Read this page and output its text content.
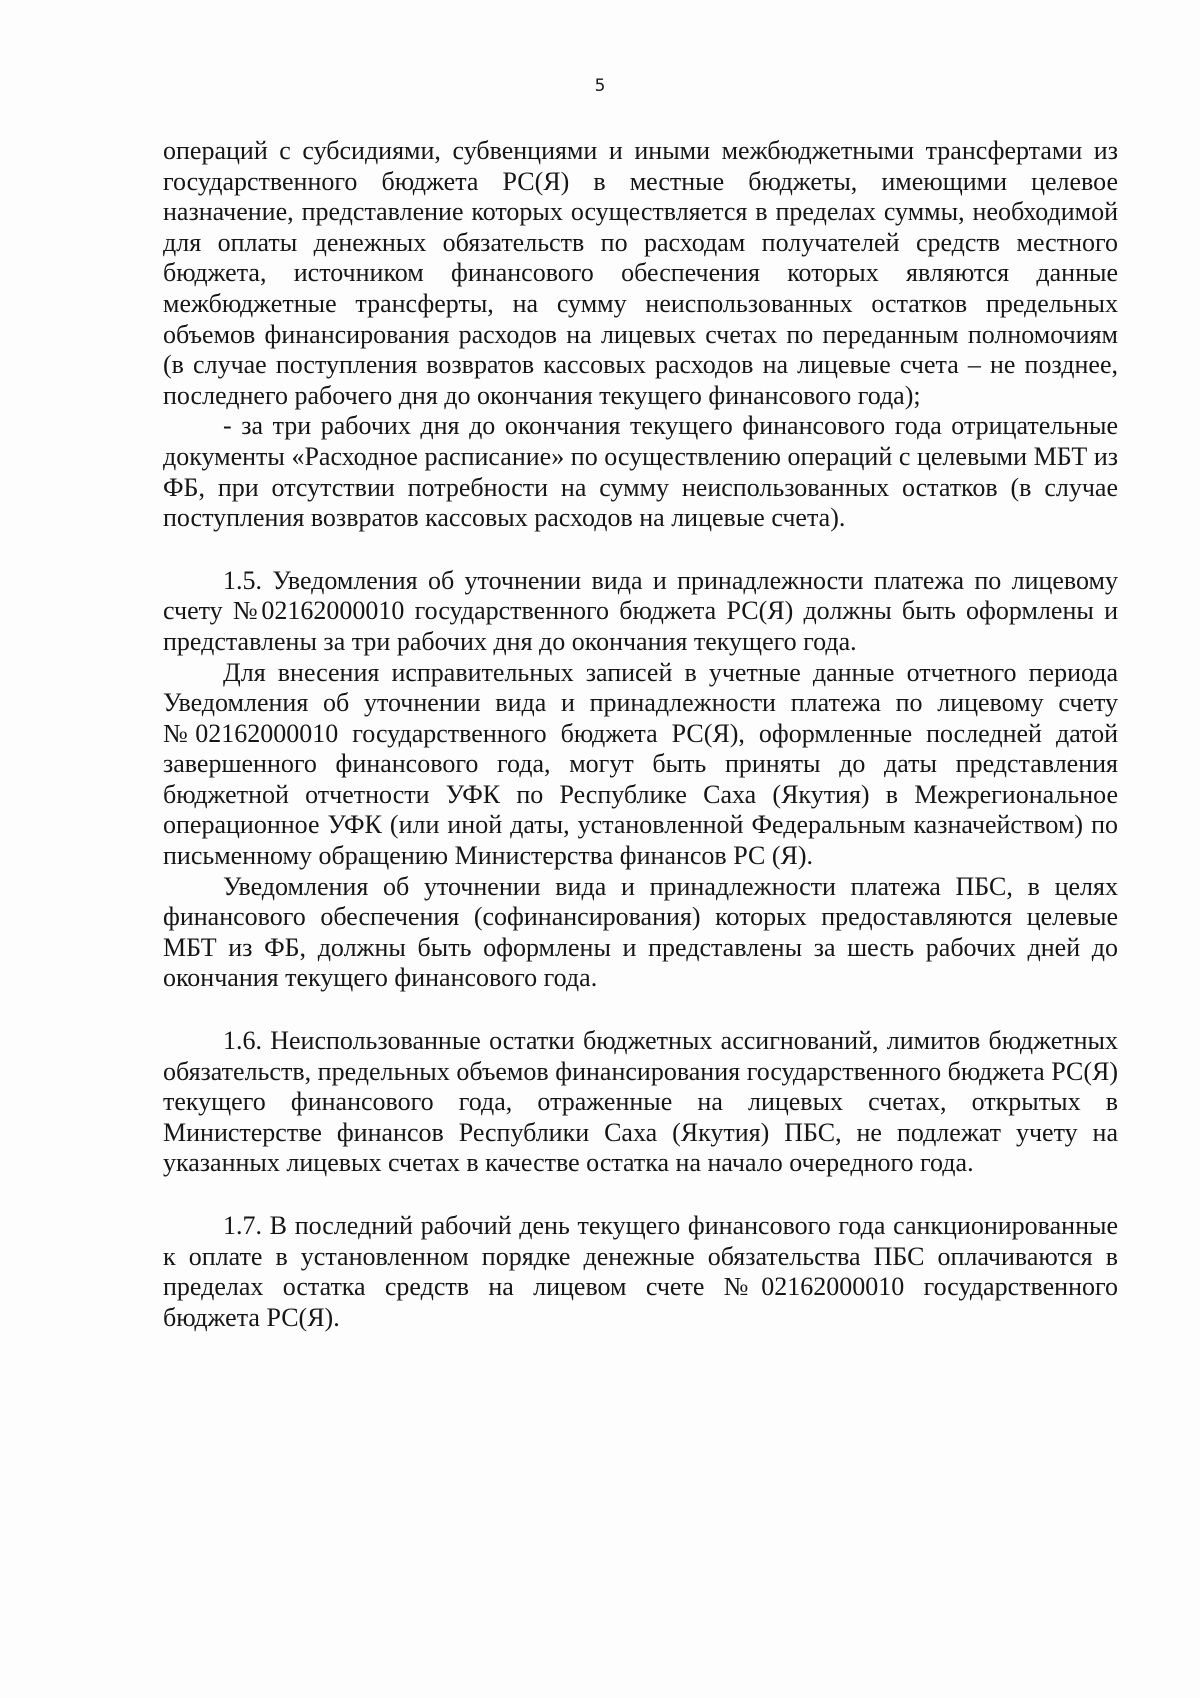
5

операций с субсидиями, субвенциями и иными межбюджетными трансфертами из государственного бюджета РС(Я) в местные бюджеты, имеющими целевое назначение, представление которых осуществляется в пределах суммы, необходимой для оплаты денежных обязательств по расходам получателей средств местного бюджета, источником финансового обеспечения которых являются данные межбюджетные трансферты, на сумму неиспользованных остатков предельных объемов финансирования расходов на лицевых счетах по переданным полномочиям (в случае поступления возвратов кассовых расходов на лицевые счета – не позднее, последнего рабочего дня до окончания текущего финансового года);

- за три рабочих дня до окончания текущего финансового года отрицательные документы «Расходное расписание» по осуществлению операций с целевыми МБТ из ФБ, при отсутствии потребности на сумму неиспользованных остатков (в случае поступления возвратов кассовых расходов на лицевые счета).

1.5. Уведомления об уточнении вида и принадлежности платежа по лицевому счету №02162000010 государственного бюджета РС(Я) должны быть оформлены и представлены за три рабочих дня до окончания текущего года.

Для внесения исправительных записей в учетные данные отчетного периода Уведомления об уточнении вида и принадлежности платежа по лицевому счету №02162000010 государственного бюджета РС(Я), оформленные последней датой завершенного финансового года, могут быть приняты до даты представления бюджетной отчетности УФК по Республике Саха (Якутия) в Межрегиональное операционное УФК (или иной даты, установленной Федеральным казначейством) по письменному обращению Министерства финансов РС (Я).

Уведомления об уточнении вида и принадлежности платежа ПБС, в целях финансового обеспечения (софинансирования) которых предоставляются целевые МБТ из ФБ, должны быть оформлены и представлены за шесть рабочих дней до окончания текущего финансового года.

1.6. Неиспользованные остатки бюджетных ассигнований, лимитов бюджетных обязательств, предельных объемов финансирования государственного бюджета РС(Я) текущего финансового года, отраженные на лицевых счетах, открытых в Министерстве финансов Республики Саха (Якутия) ПБС, не подлежат учету на указанных лицевых счетах в качестве остатка на начало очередного года.

1.7. В последний рабочий день текущего финансового года санкционированные к оплате в установленном порядке денежные обязательства ПБС оплачиваются в пределах остатка средств на лицевом счете №02162000010 государственного бюджета РС(Я).
